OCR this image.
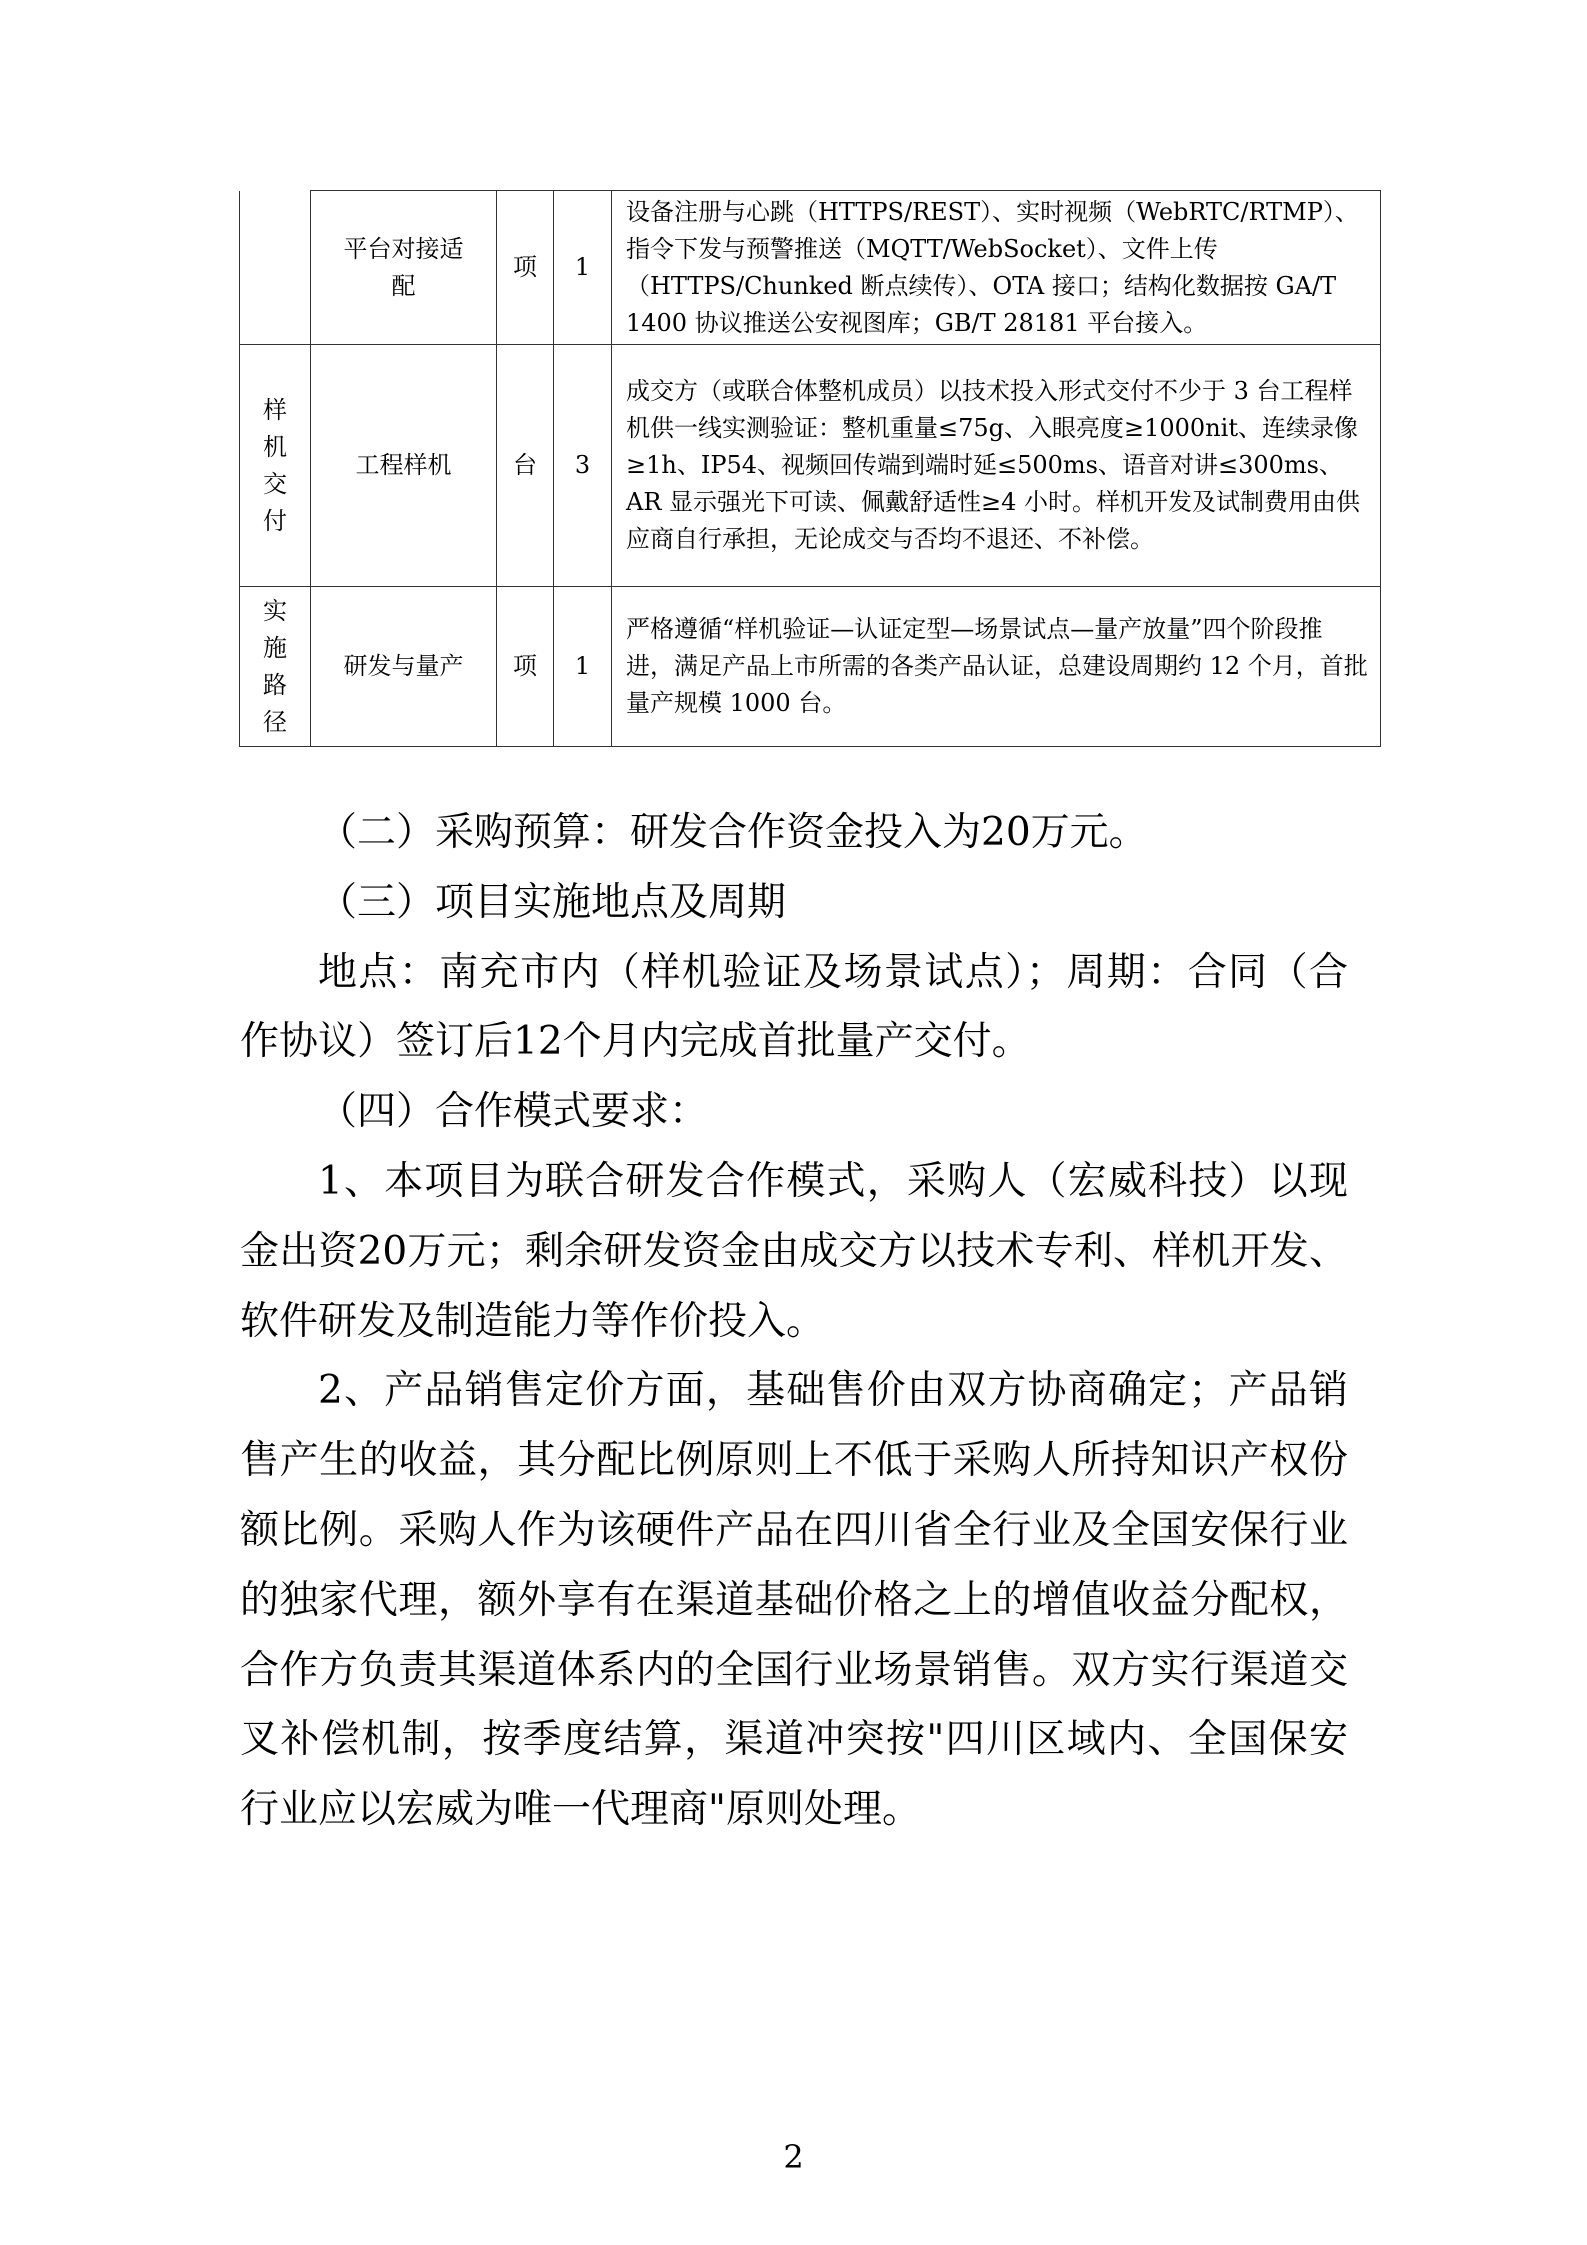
	平台对接适配	项	1	设备注册与心跳（HTTPS/REST）、实时视频（WebRTC/RTMP）、指令下发与预警推送（MQTT/WebSocket）、文件上传（HTTPS/Chunked 断点续传）、OTA 接口；结构化数据按 GA/T 1400 协议推送公安视图库；GB/T 28181 平台接入。
样机交付	工程样机	台	3	成交方（或联合体整机成员）以技术投入形式交付不少于 3 台工程样机供一线实测验证：整机重量≤75g、入眼亮度≥1000nit、连续录像≥1h、IP54、视频回传端到端时延≤500ms、语音对讲≤300ms、AR 显示强光下可读、佩戴舒适性≥4 小时。样机开发及试制费用由供应商自行承担，无论成交与否均不退还、不补偿。
实施路径	研发与量产	项	1	严格遵循“样机验证—认证定型—场景试点—量产放量”四个阶段推进，满足产品上市所需的各类产品认证，总建设周期约 12 个月，首批量产规模 1000 台。

（二）采购预算：研发合作资金投入为20万元。

（三）项目实施地点及周期

地点：南充市内（样机验证及场景试点）；周期：合同（合作协议）签订后12个月内完成首批量产交付。

（四）合作模式要求：

1、本项目为联合研发合作模式，采购人（宏威科技）以现金出资20万元；剩余研发资金由成交方以技术专利、样机开发、软件研发及制造能力等作价投入。

2、产品销售定价方面，基础售价由双方协商确定；产品销售产生的收益，其分配比例原则上不低于采购人所持知识产权份额比例。采购人作为该硬件产品在四川省全行业及全国安保行业的独家代理，额外享有在渠道基础价格之上的增值收益分配权，合作方负责其渠道体系内的全国行业场景销售。双方实行渠道交叉补偿机制，按季度结算，渠道冲突按"四川区域内、全国保安行业应以宏威为唯一代理商"原则处理。

2
